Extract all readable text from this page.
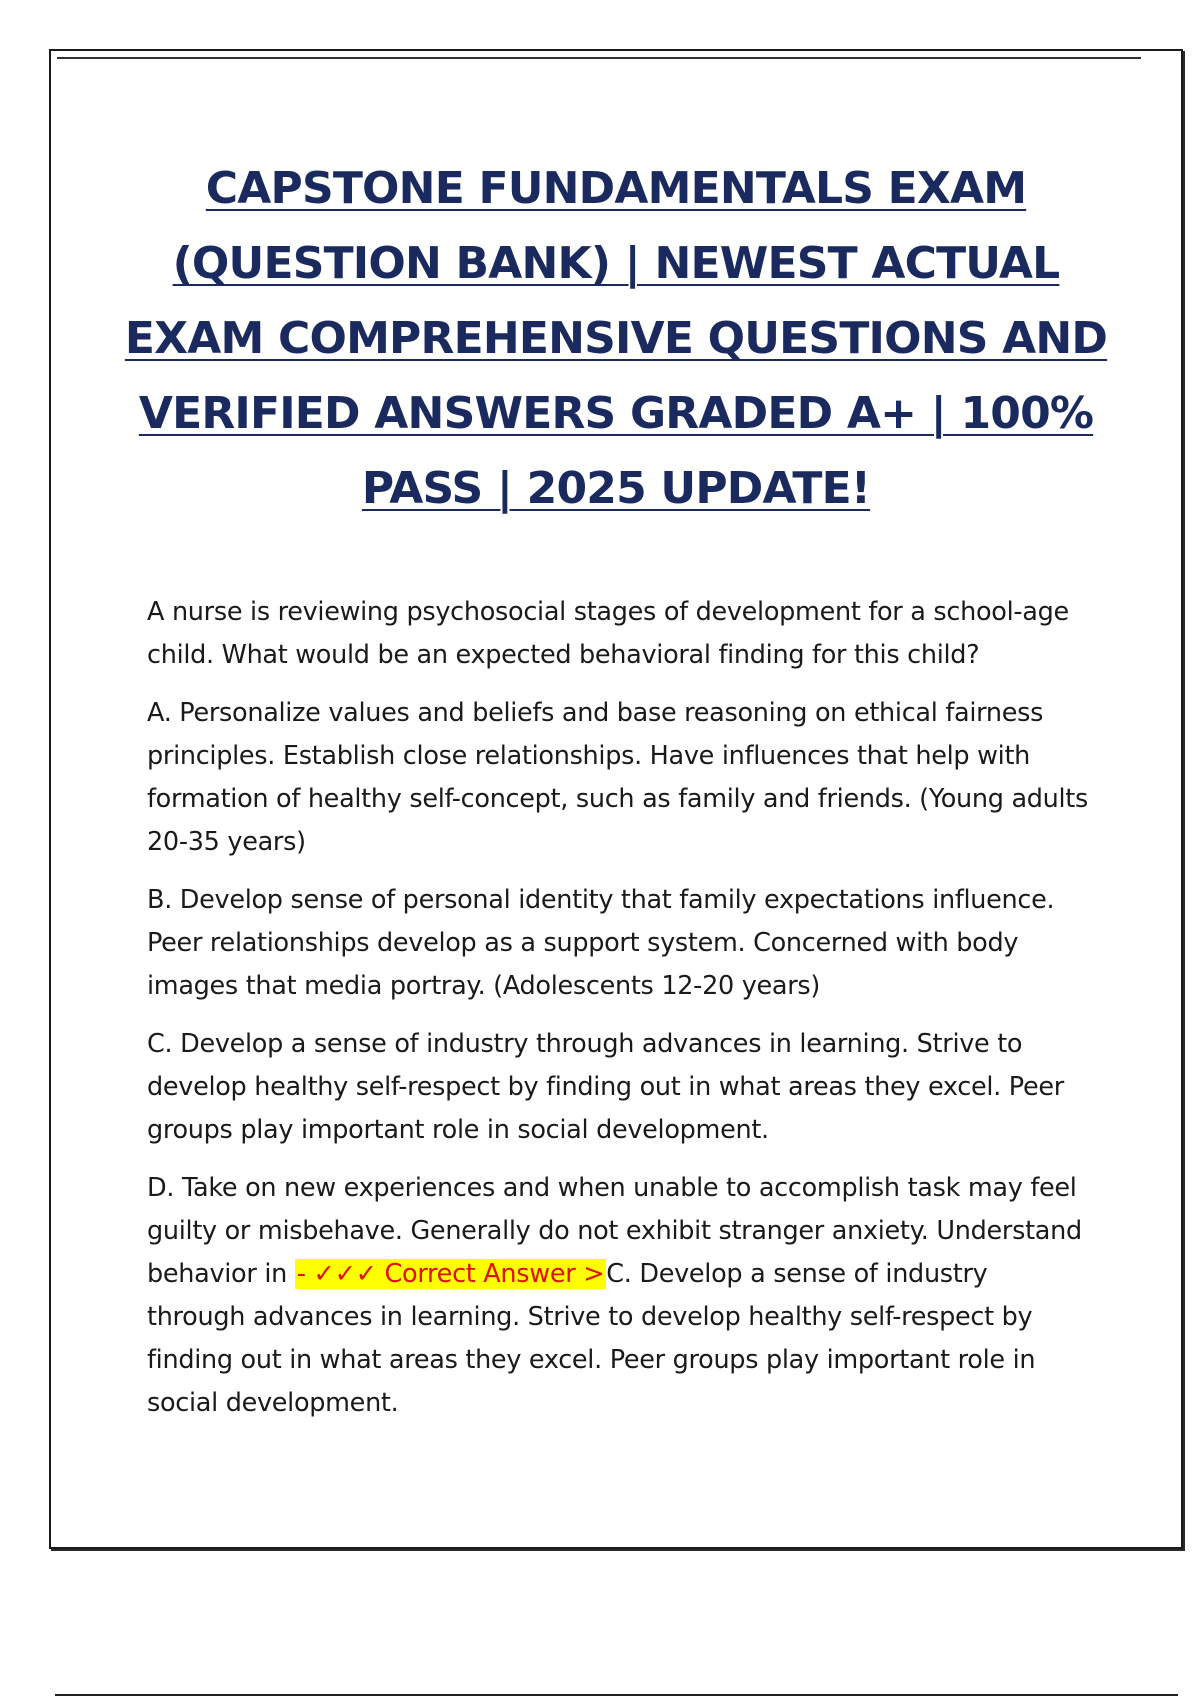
CAPSTONE FUNDAMENTALS EXAM (QUESTION BANK) | NEWEST ACTUAL EXAM COMPREHENSIVE QUESTIONS AND VERIFIED ANSWERS GRADED A+ | 100% PASS | 2025 UPDATE!

A nurse is reviewing psychosocial stages of development for a school-age child. What would be an expected behavioral finding for this child?

A. Personalize values and beliefs and base reasoning on ethical fairness principles. Establish close relationships. Have influences that help with formation of healthy self-concept, such as family and friends. (Young adults 20-35 years)

B. Develop sense of personal identity that family expectations influence. Peer relationships develop as a support system. Concerned with body images that media portray. (Adolescents 12-20 years)

C. Develop a sense of industry through advances in learning. Strive to develop healthy self-respect by finding out in what areas they excel. Peer groups play important role in social development.

D. Take on new experiences and when unable to accomplish task may feel guilty or misbehave. Generally do not exhibit stranger anxiety. Understand behavior in - ✓✓✓ Correct Answer >C. Develop a sense of industry through advances in learning. Strive to develop healthy self-respect by finding out in what areas they excel. Peer groups play important role in social development.
